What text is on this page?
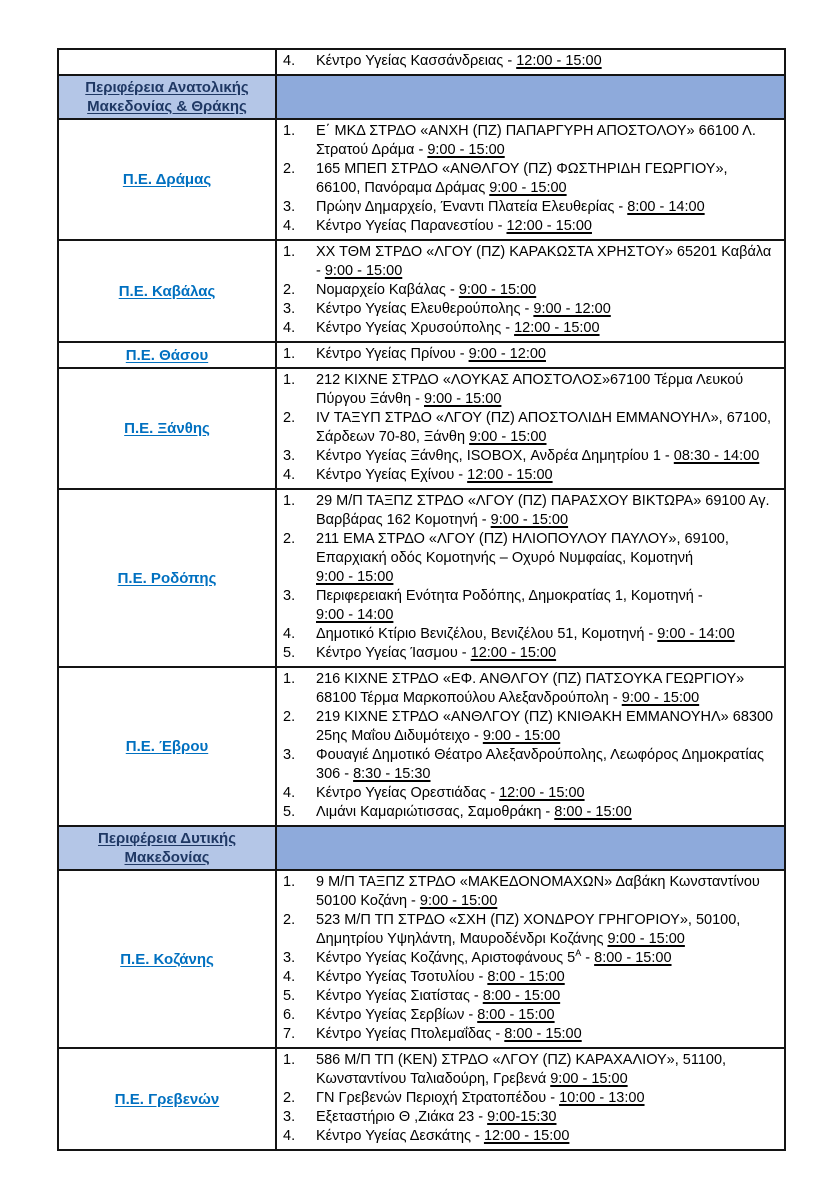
4.	Κέντρο Υγείας Κασσάνδρειας - 12:00 - 15:00
Περιφέρεια Ανατολικής Μακεδονίας & Θράκης
Π.Ε. Δράμας
1.	Ε΄ ΜΚΔ ΣΤΡΔΟ «ΑΝΧΗ (ΠΖ) ΠΑΠΑΡΓΥΡΗ ΑΠΟΣΤΟΛΟΥ» 66100 Λ. Στρατού Δράμα - 9:00 - 15:00
2.	165 ΜΠΕΠ ΣΤΡΔΟ «ΑΝΘΛΓΟΥ (ΠΖ) ΦΩΣΤΗΡΙΔΗ ΓΕΩΡΓΙΟΥ», 66100, Πανόραμα Δράμας 9:00 - 15:00
3.	Πρώην Δημαρχείο, Έναντι Πλατεία Ελευθερίας - 8:00 - 14:00
4.	Κέντρο Υγείας Παρανεστίου - 12:00 - 15:00
Π.Ε. Καβάλας
1.	ΧΧ ΤΘΜ ΣΤΡΔΟ «ΛΓΟΥ (ΠΖ) ΚΑΡΑΚΩΣΤΑ ΧΡΗΣΤΟΥ» 65201 Καβάλα - 9:00 - 15:00
2.	Νομαρχείο Καβάλας - 9:00 - 15:00
3.	Κέντρο Υγείας Ελευθερούπολης - 9:00 - 12:00
4.	Κέντρο Υγείας Χρυσούπολης - 12:00 - 15:00
Π.Ε. Θάσου	1.	Κέντρο Υγείας Πρίνου - 9:00 - 12:00
Π.Ε. Ξάνθης
1.	212 ΚΙΧΝΕ ΣΤΡΔΟ «ΛΟΥΚΑΣ ΑΠΟΣΤΟΛΟΣ»67100 Τέρμα Λευκού Πύργου Ξάνθη - 9:00 - 15:00
2.	IV ΤΑΞΥΠ ΣΤΡΔΟ «ΛΓΟΥ (ΠΖ) ΑΠΟΣΤΟΛΙΔΗ ΕΜΜΑΝΟΥΗΛ», 67100, Σάρδεων 70-80, Ξάνθη 9:00 - 15:00
3.	Κέντρο Υγείας Ξάνθης, ISOBOX, Ανδρέα Δημητρίου 1 - 08:30 - 14:00
4.	Κέντρο Υγείας Εχίνου - 12:00 - 15:00
Π.Ε. Ροδόπης
1.	29 Μ/Π ΤΑΞΠΖ ΣΤΡΔΟ «ΛΓΟΥ (ΠΖ) ΠΑΡΑΣΧΟΥ ΒΙΚΤΩΡΑ» 69100 Αγ. Βαρβάρας 162 Κομοτηνή - 9:00 - 15:00
2.	211 ΕΜΑ ΣΤΡΔΟ «ΛΓΟΥ (ΠΖ) ΗΛΙΟΠΟΥΛΟΥ ΠΑΥΛΟΥ», 69100, Επαρχιακή οδός Κομοτηνής – Οχυρό Νυμφαίας, Κομοτηνή 9:00 - 15:00
3.	Περιφερειακή Ενότητα Ροδόπης, Δημοκρατίας 1, Κομοτηνή - 9:00 - 14:00
4.	Δημοτικό Κτίριο Βενιζέλου, Βενιζέλου 51, Κομοτηνή - 9:00 - 14:00
5.	Κέντρο Υγείας Ίασμου - 12:00 - 15:00
Π.Ε. Έβρου
1.	216 ΚΙΧΝΕ ΣΤΡΔΟ «ΕΦ. ΑΝΘΛΓΟΥ (ΠΖ) ΠΑΤΣΟΥΚΑ ΓΕΩΡΓΙΟΥ» 68100 Τέρμα Μαρκοπούλου Αλεξανδρούπολη - 9:00 - 15:00
2.	219 ΚΙΧΝΕ ΣΤΡΔΟ «ΑΝΘΛΓΟΥ (ΠΖ) ΚΝΙΘΑΚΗ ΕΜΜΑΝΟΥΗΛ» 68300 25ης Μαΐου Διδυμότειχο - 9:00 - 15:00
3.	Φουαγιέ Δημοτικό Θέατρο Αλεξανδρούπολης, Λεωφόρος Δημοκρατίας 306 - 8:30 - 15:30
4.	Κέντρο Υγείας Ορεστιάδας - 12:00 - 15:00
5.	Λιμάνι Καμαριώτισσας, Σαμοθράκη - 8:00 - 15:00
Περιφέρεια Δυτικής Μακεδονίας
Π.Ε. Κοζάνης
1.	9 Μ/Π ΤΑΞΠΖ ΣΤΡΔΟ «ΜΑΚΕΔΟΝΟΜΑΧΩΝ» Δαβάκη Κωνσταντίνου 50100 Κοζάνη - 9:00 - 15:00
2.	523 Μ/Π ΤΠ ΣΤΡΔΟ «ΣΧΗ (ΠΖ) ΧΟΝΔΡΟΥ ΓΡΗΓΟΡΙΟΥ», 50100, Δημητρίου Υψηλάντη, Μαυροδένδρι Κοζάνης 9:00 - 15:00
3.	Κέντρο Υγείας Κοζάνης, Αριστοφάνους $5^A$ - 8:00 - 15:00
4.	Κέντρο Υγείας Τσοτυλίου - 8:00 - 15:00
5.	Κέντρο Υγείας Σιατίστας - 8:00 - 15:00
6.	Κέντρο Υγείας Σερβίων - 8:00 - 15:00
7.	Κέντρο Υγείας Πτολεμαΐδας - 8:00 - 15:00
Π.Ε. Γρεβενών
1.	586 Μ/Π ΤΠ (ΚΕΝ) ΣΤΡΔΟ «ΛΓΟΥ (ΠΖ) ΚΑΡΑΧΑΛΙΟΥ», 51100, Κωνσταντίνου Ταλιαδούρη, Γρεβενά 9:00 - 15:00
2.	ΓΝ Γρεβενών Περιοχή Στρατοπέδου - 10:00 - 13:00
3.	Εξεταστήριο Θ ,Ζιάκα 23 - 9:00-15:30
4.	Κέντρο Υγείας Δεσκάτης - 12:00 - 15:00
